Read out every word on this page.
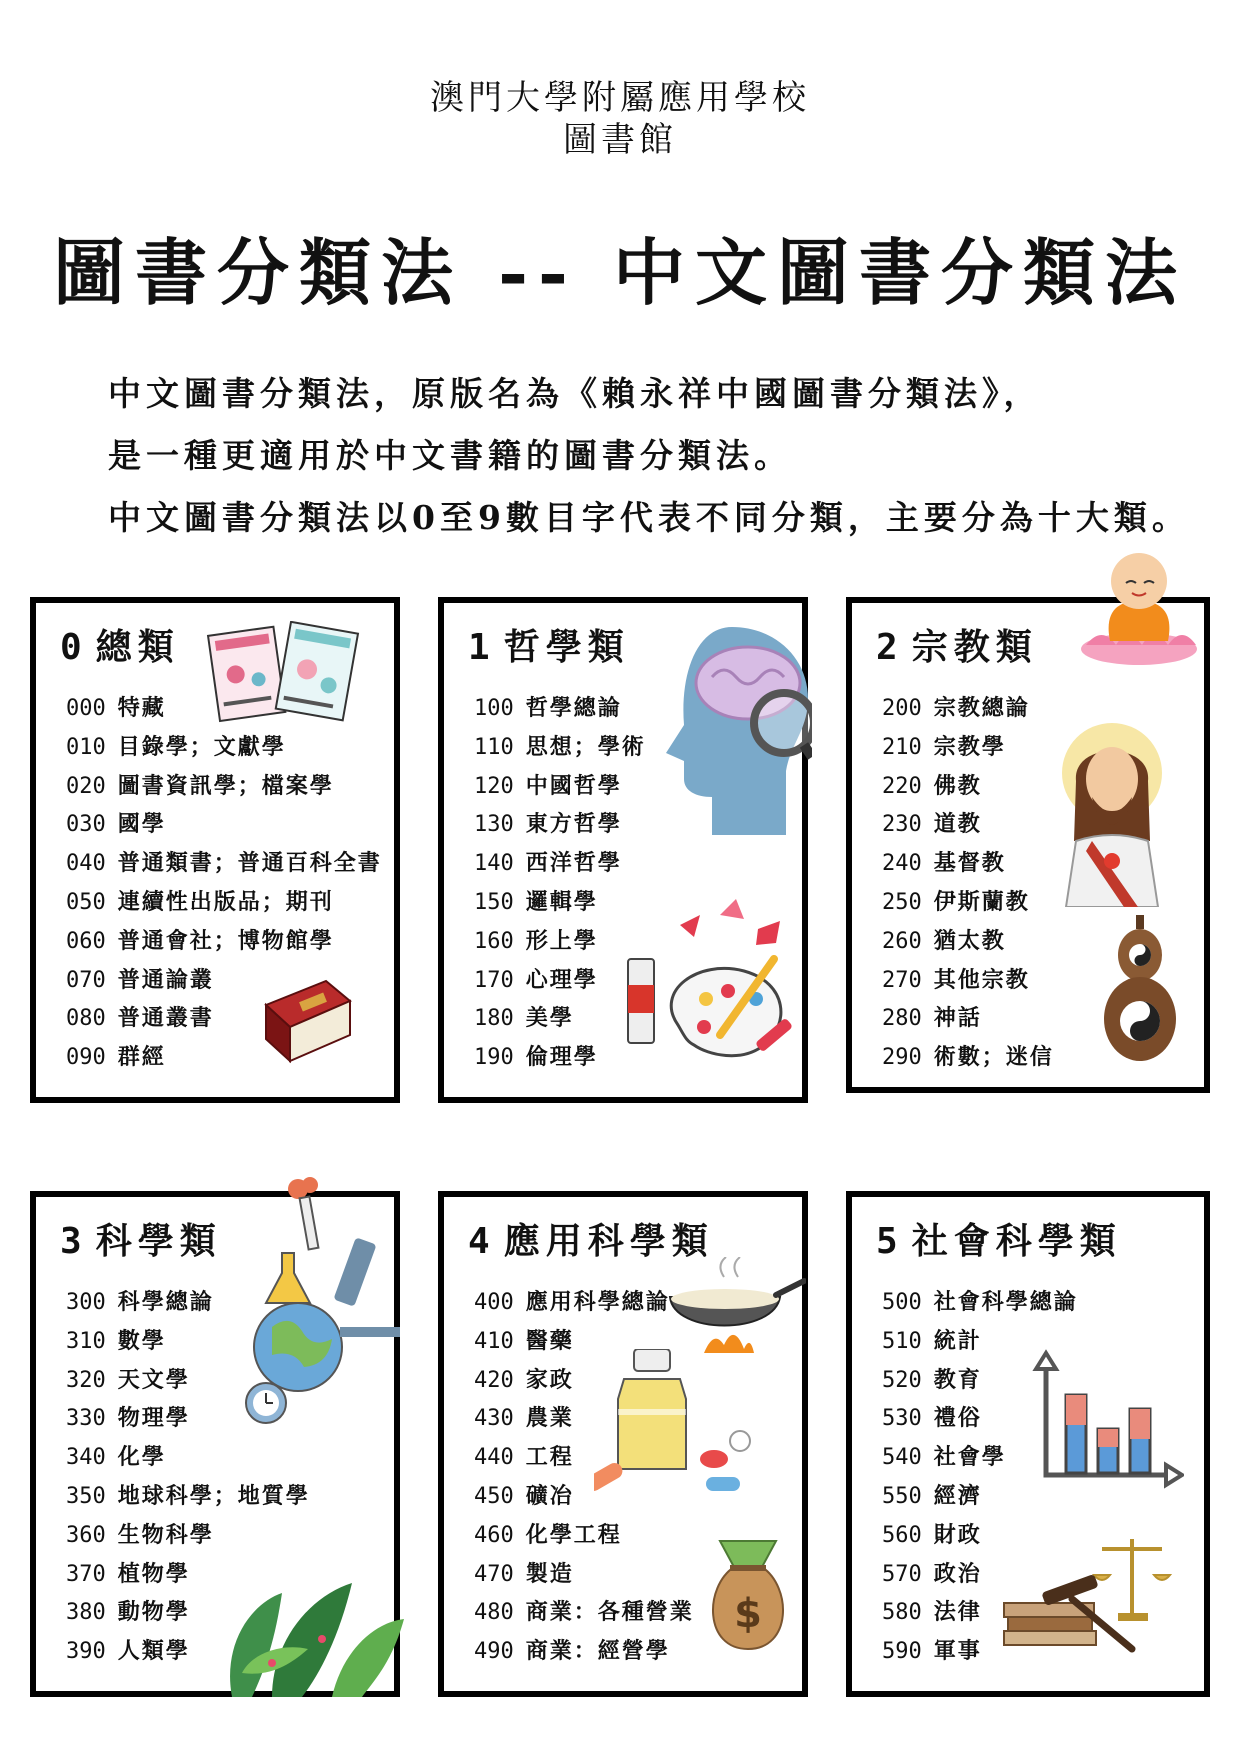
澳門大學附屬應用學校
圖書館
圖書分類法 -- 中文圖書分類法
中文圖書分類法，原版名為《賴永祥中國圖書分類法》，
是一種更適用於中文書籍的圖書分類法。
中文圖書分類法以0至9數目字代表不同分類，主要分為十大類。
0 總類
000 特藏
010 目錄學；文獻學
020 圖書資訊學；檔案學
030 國學
040 普通類書；普通百科全書
050 連續性出版品；期刊
060 普通會社；博物館學
070 普通論叢
080 普通叢書
090 群經
1 哲學類
100 哲學總論
110 思想；學術
120 中國哲學
130 東方哲學
140 西洋哲學
150 邏輯學
160 形上學
170 心理學
180 美學
190 倫理學
2 宗教類
200 宗教總論
210 宗教學
220 佛教
230 道教
240 基督教
250 伊斯蘭教
260 猶太教
270 其他宗教
280 神話
290 術數；迷信
3 科學類
300 科學總論
310 數學
320 天文學
330 物理學
340 化學
350 地球科學；地質學
360 生物科學
370 植物學
380 動物學
390 人類學
4 應用科學類
400 應用科學總論
410 醫藥
420 家政
430 農業
440 工程
450 礦冶
460 化學工程
470 製造
480 商業：各種營業
490 商業：經營學
$
5 社會科學類
500 社會科學總論
510 統計
520 教育
530 禮俗
540 社會學
550 經濟
560 財政
570 政治
580 法律
590 軍事
